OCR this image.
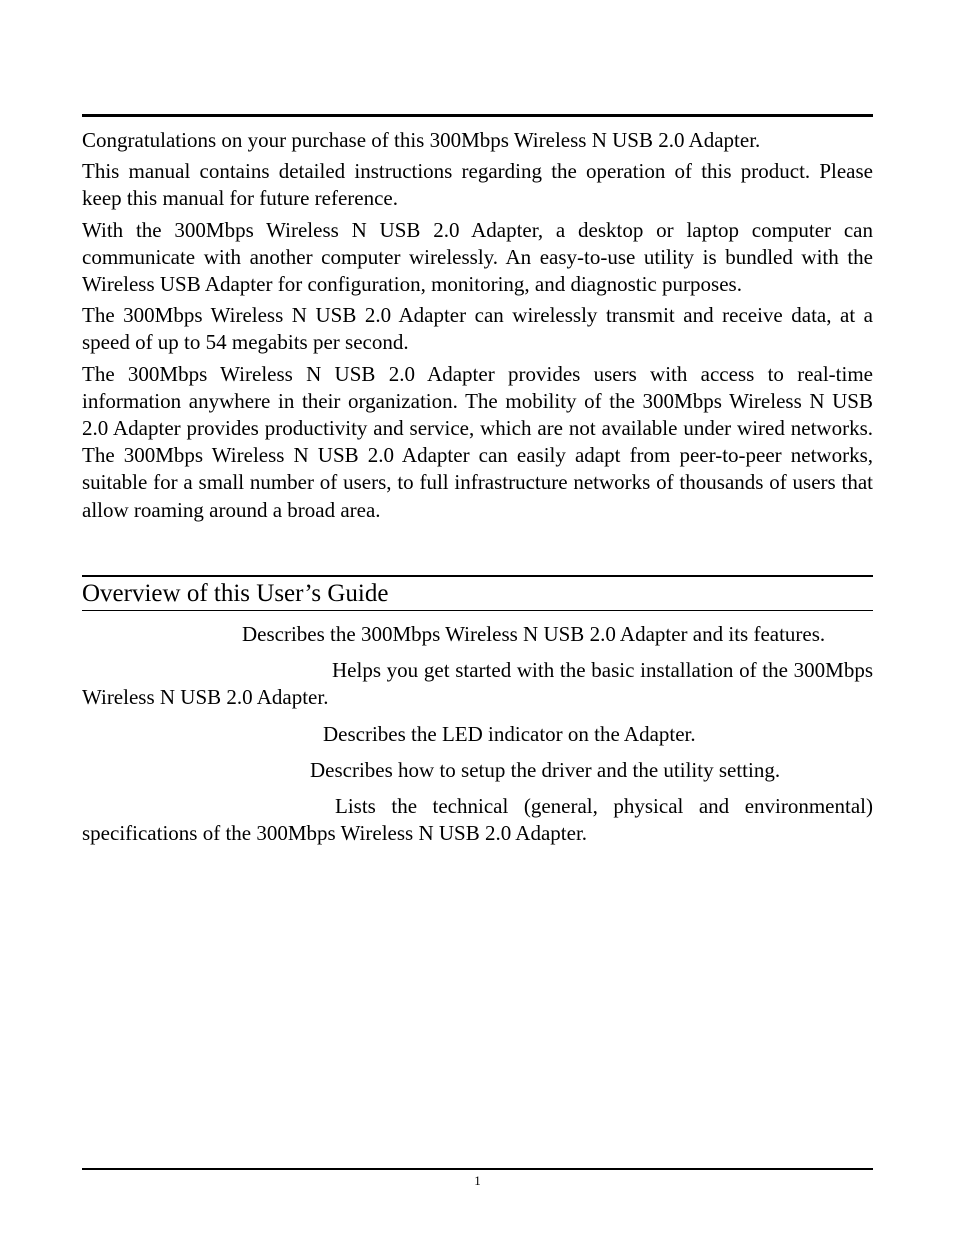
Congratulations on your purchase of this 300Mbps Wireless N USB 2.0 Adapter.

This manual contains detailed instructions regarding the operation of this product. Please keep this manual for future reference.

With the 300Mbps Wireless N USB 2.0 Adapter, a desktop or laptop computer can communicate with another computer wirelessly. An easy-to-use utility is bundled with the Wireless USB Adapter for configuration, monitoring, and diagnostic purposes.

The 300Mbps Wireless N USB 2.0 Adapter can wirelessly transmit and receive data, at a speed of up to 54 megabits per second.

The 300Mbps Wireless N USB 2.0 Adapter provides users with access to real-time information anywhere in their organization. The mobility of the 300Mbps Wireless N USB 2.0 Adapter provides productivity and service, which are not available under wired networks. The 300Mbps Wireless N USB 2.0 Adapter can easily adapt from peer-to-peer networks, suitable for a small number of users, to full infrastructure networks of thousands of users that allow roaming around a broad area.

Overview of this User’s Guide

Describes the 300Mbps Wireless N USB 2.0 Adapter and its features.

Helps you get started with the basic installation of the 300Mbps Wireless N USB 2.0 Adapter.

Describes the LED indicator on the Adapter.

Describes how to setup the driver and the utility setting.

Lists the technical (general, physical and environmental) specifications of the 300Mbps Wireless N USB 2.0 Adapter.

1
